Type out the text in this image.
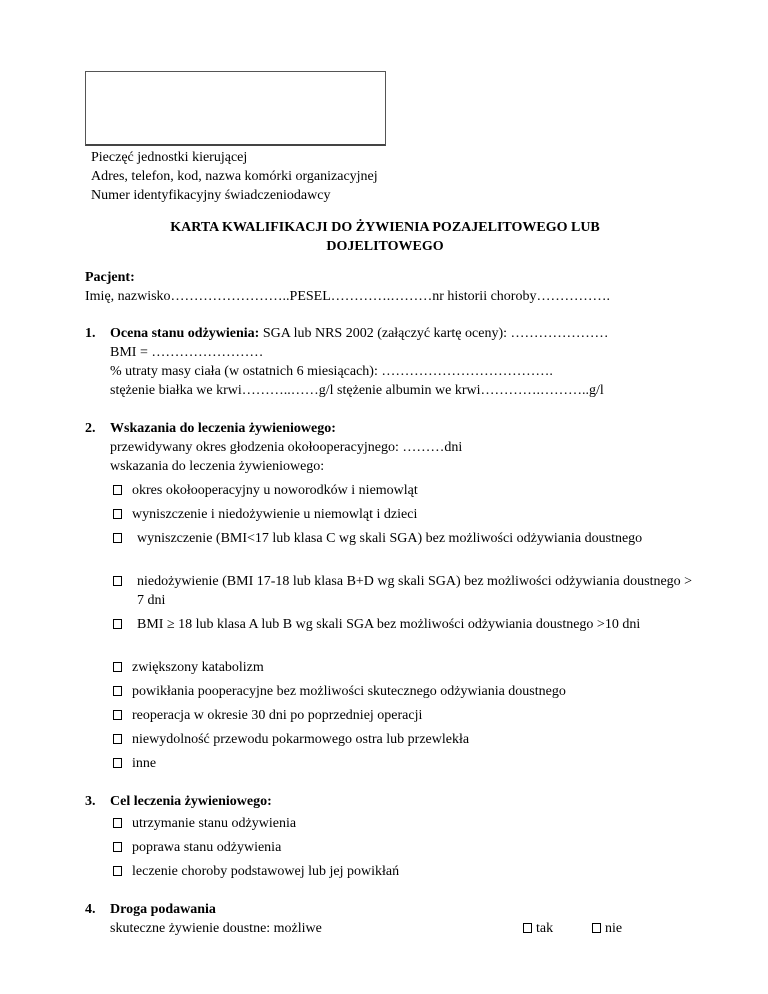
Pieczęć jednostki kierującej
Adres, telefon, kod, nazwa komórki organizacyjnej
Numer identyfikacyjny świadczeniodawcy
KARTA KWALIFIKACJI DO ŻYWIENIA POZAJELITOWEGO LUB
DOJELITOWEGO
Pacjent:
Imię, nazwisko……………………..PESEL………….………nr historii choroby…………….
1. Ocena stanu odżywienia: SGA lub NRS 2002 (załączyć kartę oceny): …………………
BMI = ……………………
% utraty masy ciała (w ostatnich 6 miesiącach): ……………………………….
stężenie białka we krwi………..……g/l stężenie albumin we krwi………….………..g/l
2. Wskazania do leczenia żywieniowego:
przewidywany okres głodzenia okołooperacyjnego: ………dni
wskazania do leczenia żywieniowego:
okres okołooperacyjny u noworodków i niemowląt
wyniszczenie i niedożywienie u niemowląt i dzieci
wyniszczenie (BMI<17 lub klasa C wg skali SGA) bez możliwości odżywiania doustnego
niedożywienie (BMI 17-18 lub klasa B+D wg skali SGA) bez możliwości odżywiania doustnego > 7 dni
BMI ≥ 18 lub klasa A lub B wg skali SGA bez możliwości odżywiania doustnego >10 dni
zwiększony katabolizm
powikłania pooperacyjne bez możliwości skutecznego odżywiania doustnego
reoperacja w okresie 30 dni po poprzedniej operacji
niewydolność przewodu pokarmowego ostra lub przewlekła
inne
3. Cel leczenia żywieniowego:
utrzymanie stanu odżywienia
poprawa stanu odżywienia
leczenie choroby podstawowej lub jej powikłań
4. Droga podawania
skuteczne żywienie doustne: możliwe	tak	nie
